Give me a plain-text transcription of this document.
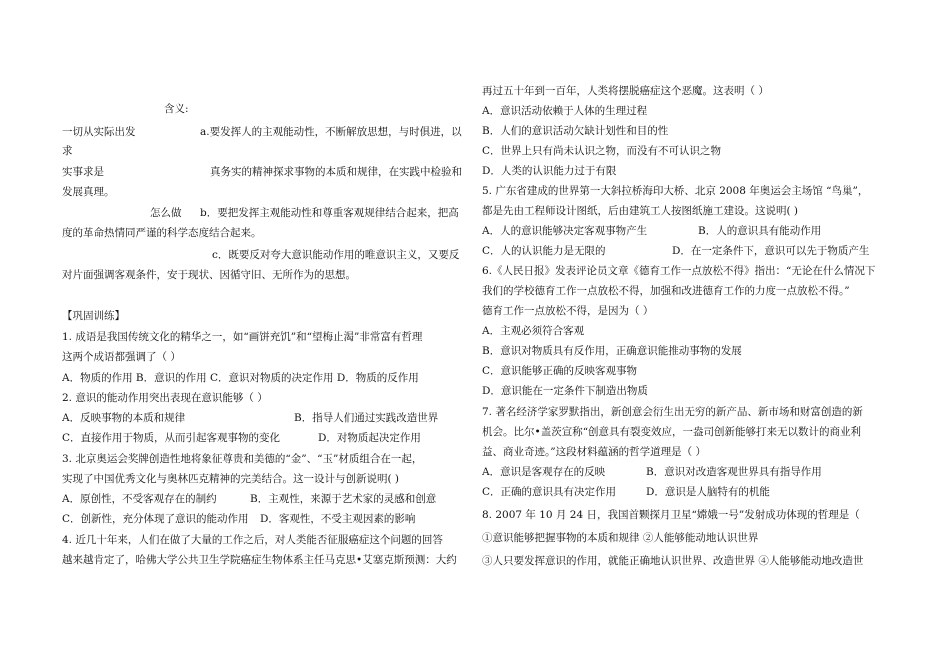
含义:
一切从实际出发	a.要发挥人的主观能动性，不断解放思想，与时俱进，以
求
实事求是	真务实的精神探求事物的本质和规律，在实践中检验和
发展真理。
怎么做 b．要把发挥主观能动性和尊重客观规律结合起来，把高
度的革命热情同严谨的科学态度结合起来。
c．既要反对夸大意识能动作用的唯意识主义，又要反
对片面强调客观条件，安于现状、因循守旧、无所作为的思想。
【巩固训练】
1. 成语是我国传统文化的精华之一，如“画饼充饥”和“望梅止渴”非常富有哲理
这两个成语都强调了（ ）
A．物质的作用 B．意识的作用 C．意识对物质的决定作用 D．物质的反作用
2. 意识的能动作用突出表现在意识能够（ ）
A．反映事物的本质和规律	B．指导人们通过实践改造世界
C．直接作用于物质，从而引起客观事物的变化	D．对物质起决定作用
3. 北京奥运会奖牌创造性地将象征尊贵和美德的“金”、“玉”材质组合在一起，
实现了中国优秀文化与奥林匹克精神的完美结合。这一设计与创新说明( )
A．原创性，不受客观存在的制约	B．主观性，来源于艺术家的灵感和创意
C．创新性，充分体现了意识的能动作用 D．客观性，不受主观因素的影响
4. 近几十年来，人们在做了大量的工作之后，对人类能否征服癌症这个问题的回答
越来越肯定了，哈佛大学公共卫生学院癌症生物体系主任马克思•艾塞克斯预测：大约
再过五十年到一百年，人类将摆脱癌症这个恶魔。这表明（ ）
A．意识活动依赖于人体的生理过程
B．人们的意识活动欠缺计划性和目的性
C．世界上只有尚未认识之物，而没有不可认识之物
D．人类的认识能力过于有限
5. 广东省建成的世界第一大斜拉桥海印大桥、北京 2008 年奥运会主场馆 “鸟巢”，
都是先由工程师设计图纸，后由建筑工人按图纸施工建设。这说明( )
A．人的意识能够决定客观事物产生	B．人的意识具有能动作用
C．人的认识能力是无限的	D．在一定条件下，意识可以先于物质产生
6.《人民日报》发表评论员文章《德育工作一点放松不得》指出：“无论在什么情况下
我们的学校德育工作一点放松不得，加强和改进德育工作的力度一点放松不得。”
德育工作一点放松不得，是因为（ ）
A．主观必须符合客观
B．意识对物质具有反作用，正确意识能推动事物的发展
C．意识能够正确的反映客观事物
D．意识能在一定条件下制造出物质
7. 著名经济学家罗默指出，新创意会衍生出无穷的新产品、新市场和财富创造的新
机会。比尔•盖茨宣称“创意具有裂变效应，一盎司创新能够打来无以数计的商业利
益、商业奇迹。”这段材料蕴涵的哲学道理是（ ）
A．意识是客观存在的反映	B．意识对改造客观世界具有指导作用
C．正确的意识具有决定作用	D．意识是人脑特有的机能
8. 2007 年 10 月 24 日，我国首颗探月卫星“嫦娥一号”发射成功体现的哲理是（
①意识能够把握事物的本质和规律 ②人能够能动地认识世界
③人只要发挥意识的作用，就能正确地认识世界、改造世界 ④人能够能动地改造世
